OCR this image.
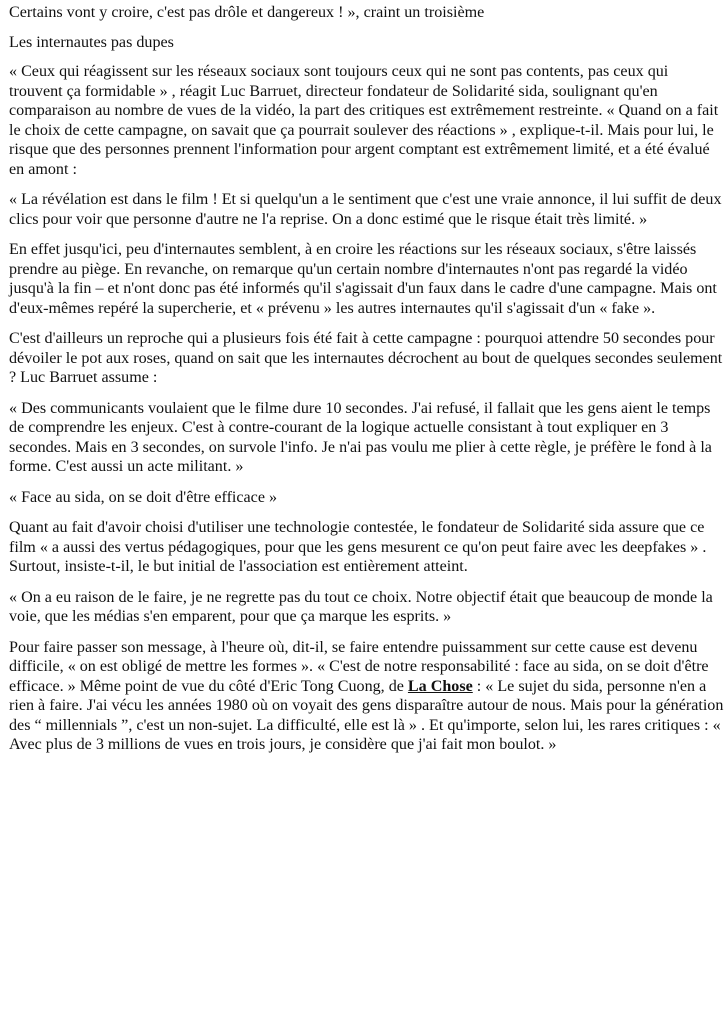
Certains vont y croire, c'est pas drôle et dangereux ! », craint un troisième

Les internautes pas dupes

« Ceux qui réagissent sur les réseaux sociaux sont toujours ceux qui ne sont pas contents, pas ceux qui trouvent ça formidable » , réagit Luc Barruet, directeur fondateur de Solidarité sida, soulignant qu'en comparaison au nombre de vues de la vidéo, la part des critiques est extrêmement restreinte. « Quand on a fait le choix de cette campagne, on savait que ça pourrait soulever des réactions » , explique-t-il. Mais pour lui, le risque que des personnes prennent l'information pour argent comptant est extrêmement limité, et a été évalué en amont :

« La révélation est dans le film ! Et si quelqu'un a le sentiment que c'est une vraie annonce, il lui suffit de deux clics pour voir que personne d'autre ne l'a reprise. On a donc estimé que le risque était très limité. »

En effet jusqu'ici, peu d'internautes semblent, à en croire les réactions sur les réseaux sociaux, s'être laissés prendre au piège. En revanche, on remarque qu'un certain nombre d'internautes n'ont pas regardé la vidéo jusqu'à la fin – et n'ont donc pas été informés qu'il s'agissait d'un faux dans le cadre d'une campagne. Mais ont d'eux-mêmes repéré la supercherie, et « prévenu » les autres internautes qu'il s'agissait d'un « fake ».

C'est d'ailleurs un reproche qui a plusieurs fois été fait à cette campagne : pourquoi attendre 50 secondes pour dévoiler le pot aux roses, quand on sait que les internautes décrochent au bout de quelques secondes seulement ? Luc Barruet assume :

« Des communicants voulaient que le filme dure 10 secondes. J'ai refusé, il fallait que les gens aient le temps de comprendre les enjeux. C'est à contre-courant de la logique actuelle consistant à tout expliquer en 3 secondes. Mais en 3 secondes, on survole l'info. Je n'ai pas voulu me plier à cette règle, je préfère le fond à la forme. C'est aussi un acte militant. »

« Face au sida, on se doit d'être efficace »

Quant au fait d'avoir choisi d'utiliser une technologie contestée, le fondateur de Solidarité sida assure que ce film « a aussi des vertus pédagogiques, pour que les gens mesurent ce qu'on peut faire avec les deepfakes » . Surtout, insiste-t-il, le but initial de l'association est entièrement atteint.

« On a eu raison de le faire, je ne regrette pas du tout ce choix. Notre objectif était que beaucoup de monde la voie, que les médias s'en emparent, pour que ça marque les esprits. »

Pour faire passer son message, à l'heure où, dit-il, se faire entendre puissamment sur cette cause est devenu difficile, « on est obligé de mettre les formes ». « C'est de notre responsabilité : face au sida, on se doit d'être efficace. » Même point de vue du côté d'Eric Tong Cuong, de La Chose : « Le sujet du sida, personne n'en a rien à faire. J'ai vécu les années 1980 où on voyait des gens disparaître autour de nous. Mais pour la génération des “ millennials ”, c'est un non-sujet. La difficulté, elle est là » . Et qu'importe, selon lui, les rares critiques : « Avec plus de 3 millions de vues en trois jours, je considère que j'ai fait mon boulot. »
